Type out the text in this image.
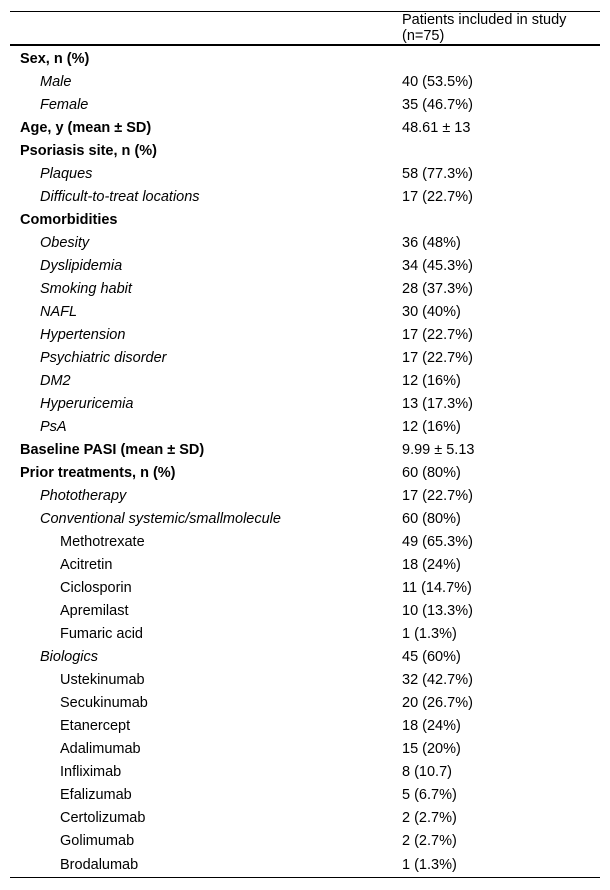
	Patients included in study (n=75)
Sex, n (%)	
Male	40 (53.5%)
Female	35 (46.7%)
Age, y (mean ± SD)	48.61 ± 13
Psoriasis site, n (%)	
Plaques	58 (77.3%)
Difficult-to-treat locations	17 (22.7%)
Comorbidities	
Obesity	36 (48%)
Dyslipidemia	34 (45.3%)
Smoking habit	28 (37.3%)
NAFL	30 (40%)
Hypertension	17 (22.7%)
Psychiatric disorder	17 (22.7%)
DM2	12 (16%)
Hyperuricemia	13 (17.3%)
PsA	12 (16%)
Baseline PASI (mean ± SD)	9.99 ± 5.13
Prior treatments, n (%)	60 (80%)
Phototherapy	17 (22.7%)
Conventional systemic/smallmolecule	60 (80%)
Methotrexate	49 (65.3%)
Acitretin	18 (24%)
Ciclosporin	11 (14.7%)
Apremilast	10 (13.3%)
Fumaric acid	1 (1.3%)
Biologics	45 (60%)
Ustekinumab	32 (42.7%)
Secukinumab	20 (26.7%)
Etanercept	18 (24%)
Adalimumab	15 (20%)
Infliximab	8 (10.7)
Efalizumab	5 (6.7%)
Certolizumab	2 (2.7%)
Golimumab	2 (2.7%)
Brodalumab	1 (1.3%)
